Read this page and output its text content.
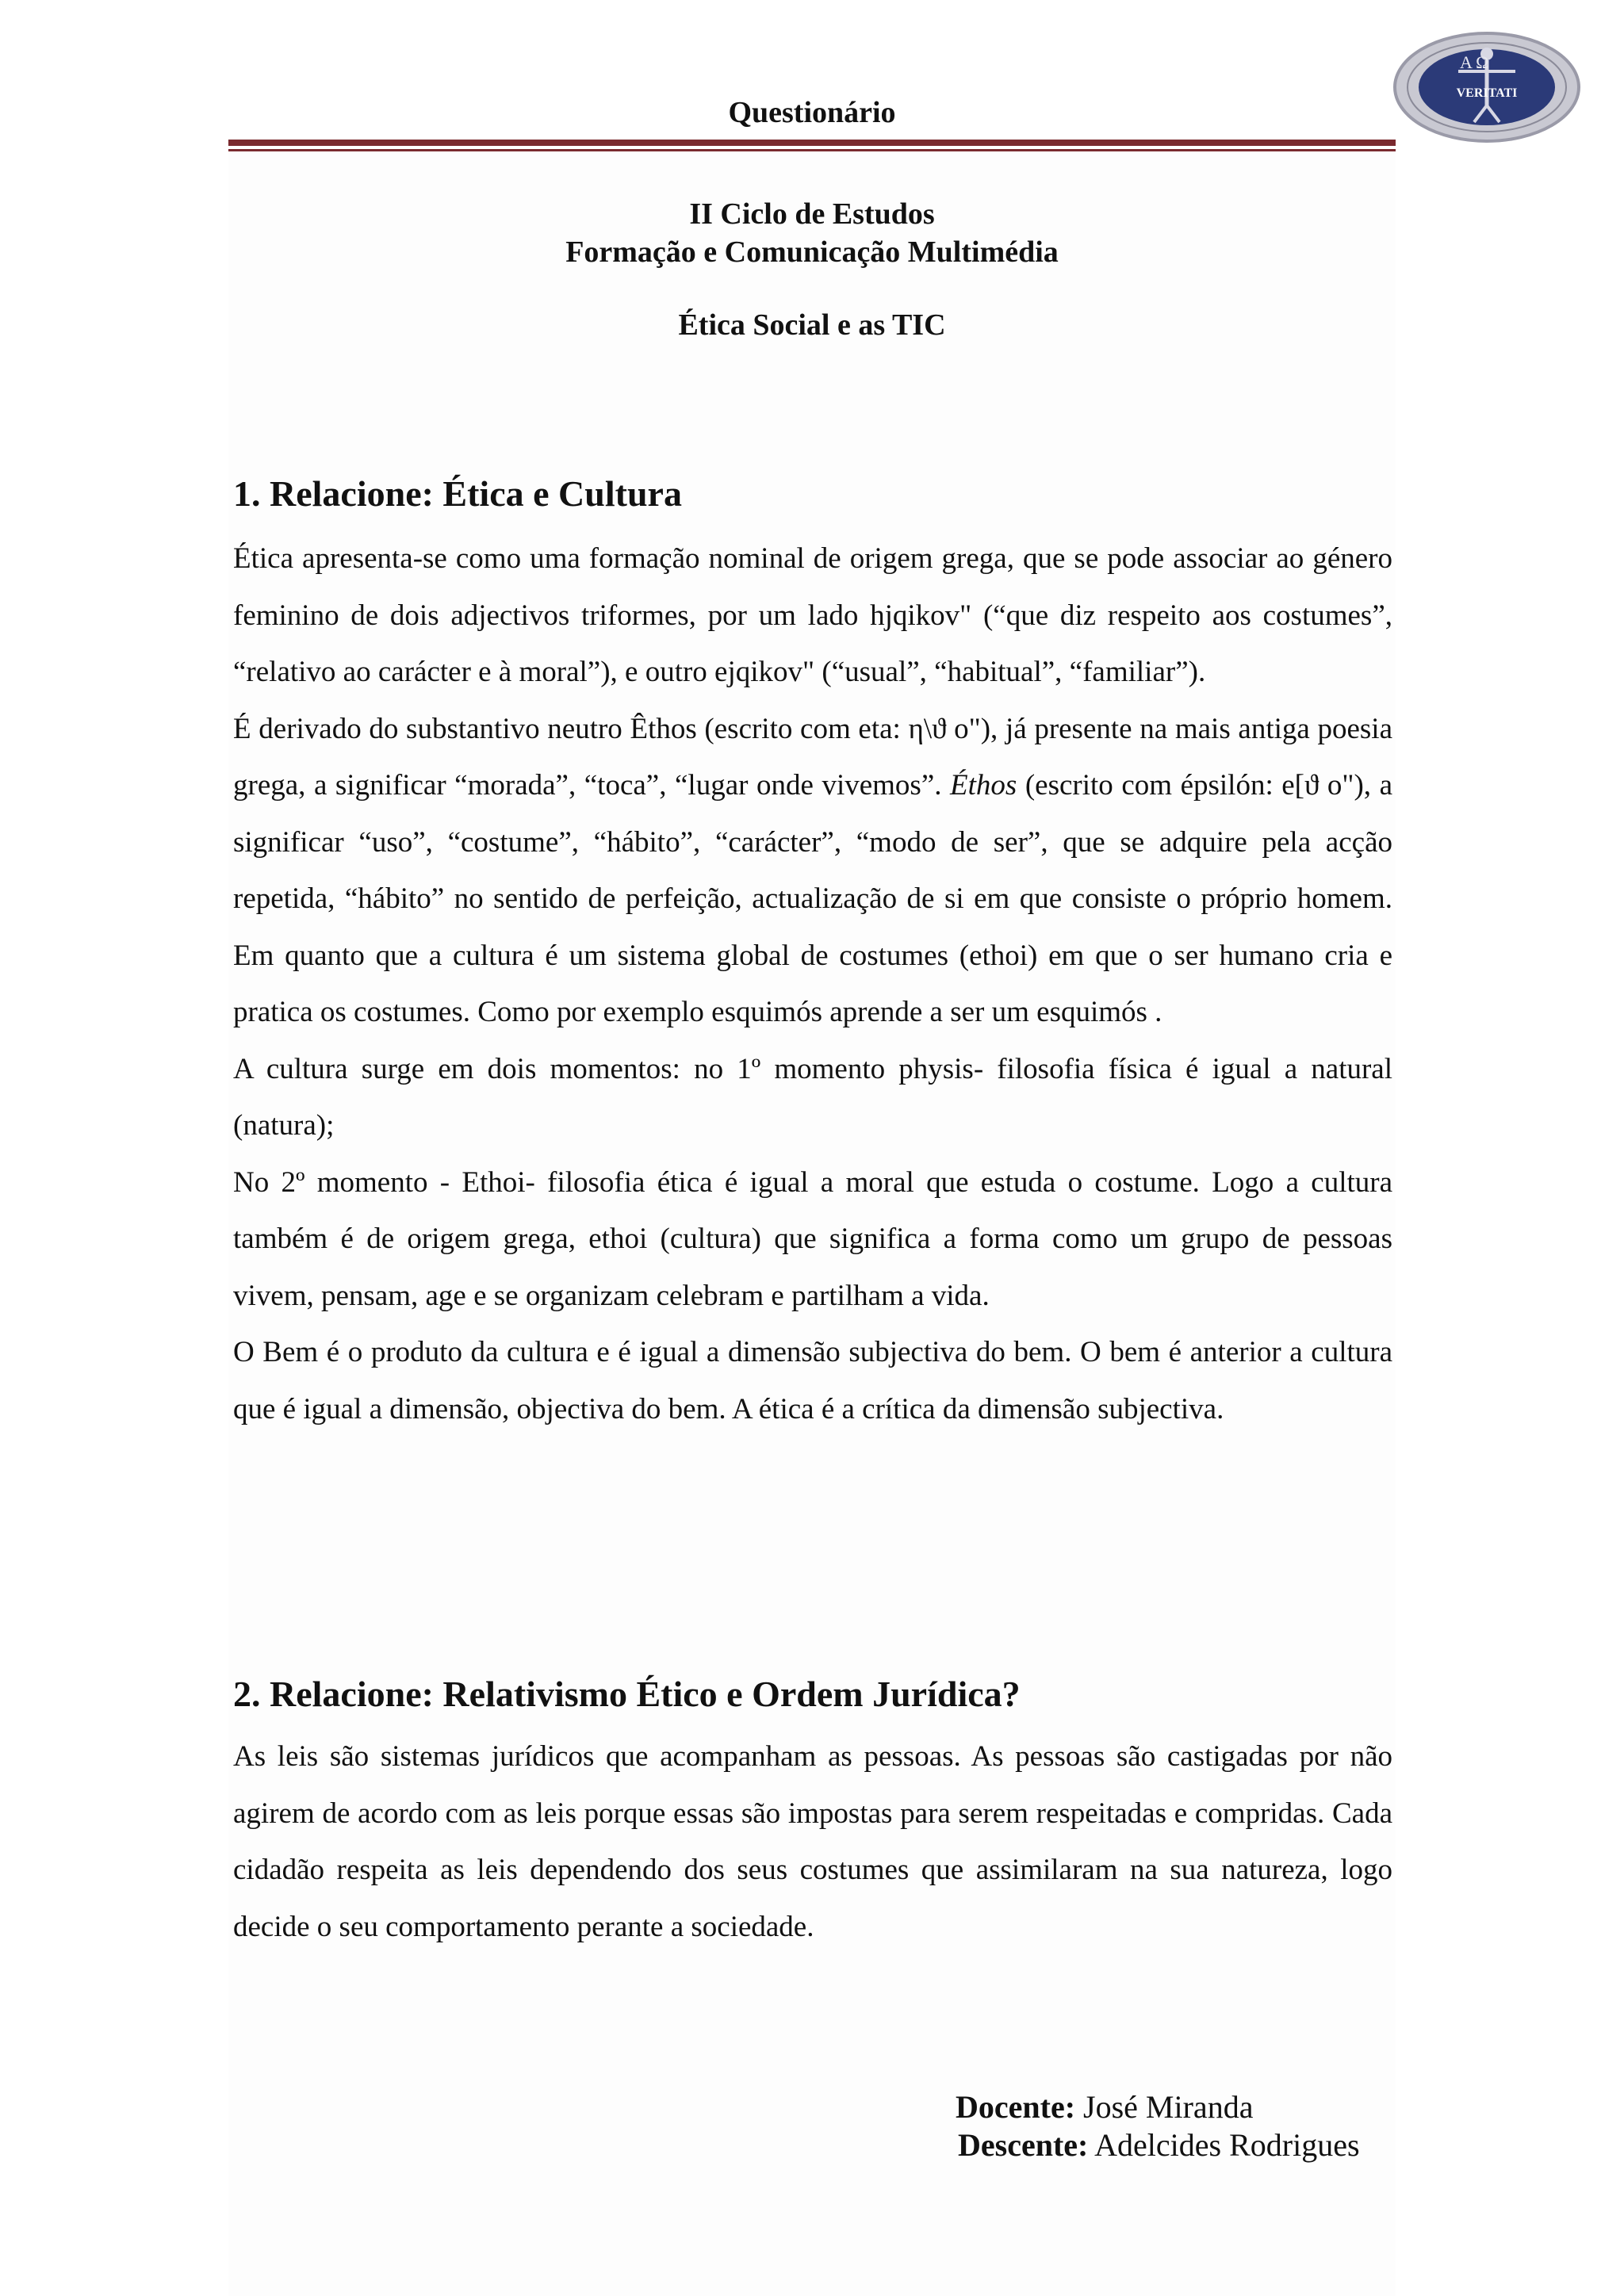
Questionário
A Ω
VERITATI
II Ciclo de Estudos
Formação e Comunicação Multimédia
Ética Social e as TIC
1. Relacione: Ética e Cultura

Ética apresenta-se como uma formação nominal de origem grega, que se pode associar ao género feminino de dois adjectivos triformes, por um lado hjqikov" (“que diz respeito aos costumes”, “relativo ao carácter e à moral”), e outro ejqikov" (“usual”, “habitual”, “familiar”).

É derivado do substantivo neutro Êthos (escrito com eta: η\ϑ o"), já presente na mais antiga poesia grega, a significar “morada”, “toca”, “lugar onde vivemos”. Éthos (escrito com épsilón: e[ϑ o"), a significar “uso”, “costume”, “hábito”, “carácter”, “modo de ser”, que se adquire pela acção repetida, “hábito” no sentido de perfeição, actualização de si em que consiste o próprio homem. Em quanto que a cultura é um sistema global de costumes (ethoi) em que o ser humano cria e pratica os costumes. Como por exemplo esquimós aprende a ser um esquimós .

A cultura surge em dois momentos: no 1º momento physis- filosofia física é igual a natural (natura);

No 2º momento - Ethoi- filosofia ética é igual a moral que estuda o costume. Logo a cultura também é de origem grega, ethoi (cultura) que significa a forma como um grupo de pessoas vivem, pensam, age e se organizam celebram e partilham a vida.

O Bem é o produto da cultura e é igual a dimensão subjectiva do bem. O bem é anterior a cultura que é igual a dimensão, objectiva do bem. A ética é a crítica da dimensão subjectiva.

2. Relacione: Relativismo Ético e Ordem Jurídica?

As leis são sistemas jurídicos que acompanham as pessoas. As pessoas são castigadas por não agirem de acordo com as leis porque essas são impostas para serem respeitadas e compridas. Cada cidadão respeita as leis dependendo dos seus costumes que assimilaram na sua natureza, logo decide o seu comportamento perante a sociedade.

Docente: José Miranda
Descente: Adelcides Rodrigues
